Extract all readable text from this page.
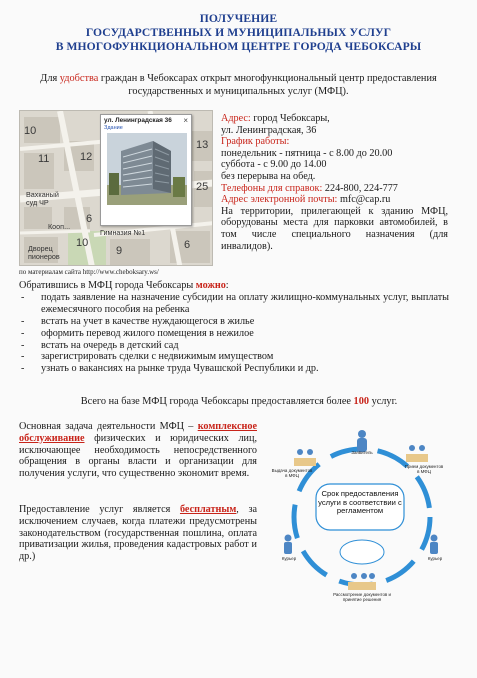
ПОЛУЧЕНИЕ
ГОСУДАРСТВЕННЫХ И МУНИЦИПАЛЬНЫХ УСЛУГ
В МНОГОФУНКЦИОНАЛЬНОМ ЦЕНТРЕ ГОРОДА ЧЕБОКСАРЫ
Для удобства граждан в Чебоксарах открыт многофункциональный центр предоставления государственных и муниципальных услуг (МФЦ).
10
11	12
6
9
10
13
25
6
Вахканый суд ЧР
Гимназия №1
Дворец пионеров
Кооп...
ул. Ленинградская 36
Здание
×
по материалам сайта http://www.cheboksary.ws/
Адрес: город Чебоксары,
ул. Ленинградская, 36
График работы:
понедельник - пятница - с 8.00 до 20.00
суббота - с 9.00 до 14.00
без перерыва на обед.
Телефоны для справок: 224-800, 224-777
Адрес электронной почты: mfc@cap.ru
На территории, прилегающей к зданию МФЦ, оборудованы места для парковки автомобилей, в том числе специального назначения (для инвалидов).
Обратившись в МФЦ города Чебоксары можно:
- подать заявление на назначение субсидии на оплату жилищно-коммунальных услуг, выплаты ежемесячного пособия на ребенка
- встать на учет в качестве нуждающегося в жилье
- оформить перевод жилого помещения в нежилое
- встать на очередь в детский сад
- зарегистрировать сделки с недвижимым имуществом
- узнать о вакансиях на рынке труда Чувашской Республики и др.
Всего на базе МФЦ города Чебоксары предоставляется более 100 услуг.
Основная задача деятельности МФЦ – комплексное обслуживание физических и юридических лиц, исключающее необходимость непосредственного обращения в органы власти и организации для получения услуги, что существенно экономит время.
Предоставление услуг является бесплатным, за исключением случаев, когда платежи предусмотрены законодательством (государственная пошлина, оплата приватизации жилья, проведения кадастровых работ и др.)
Срок предоставления услуги в соответствии с регламентом
Заявитель
Прием документов в МФЦ
Курьер
Рассмотрение документов и принятие решения
Курьер
Выдача документов в МФЦ
